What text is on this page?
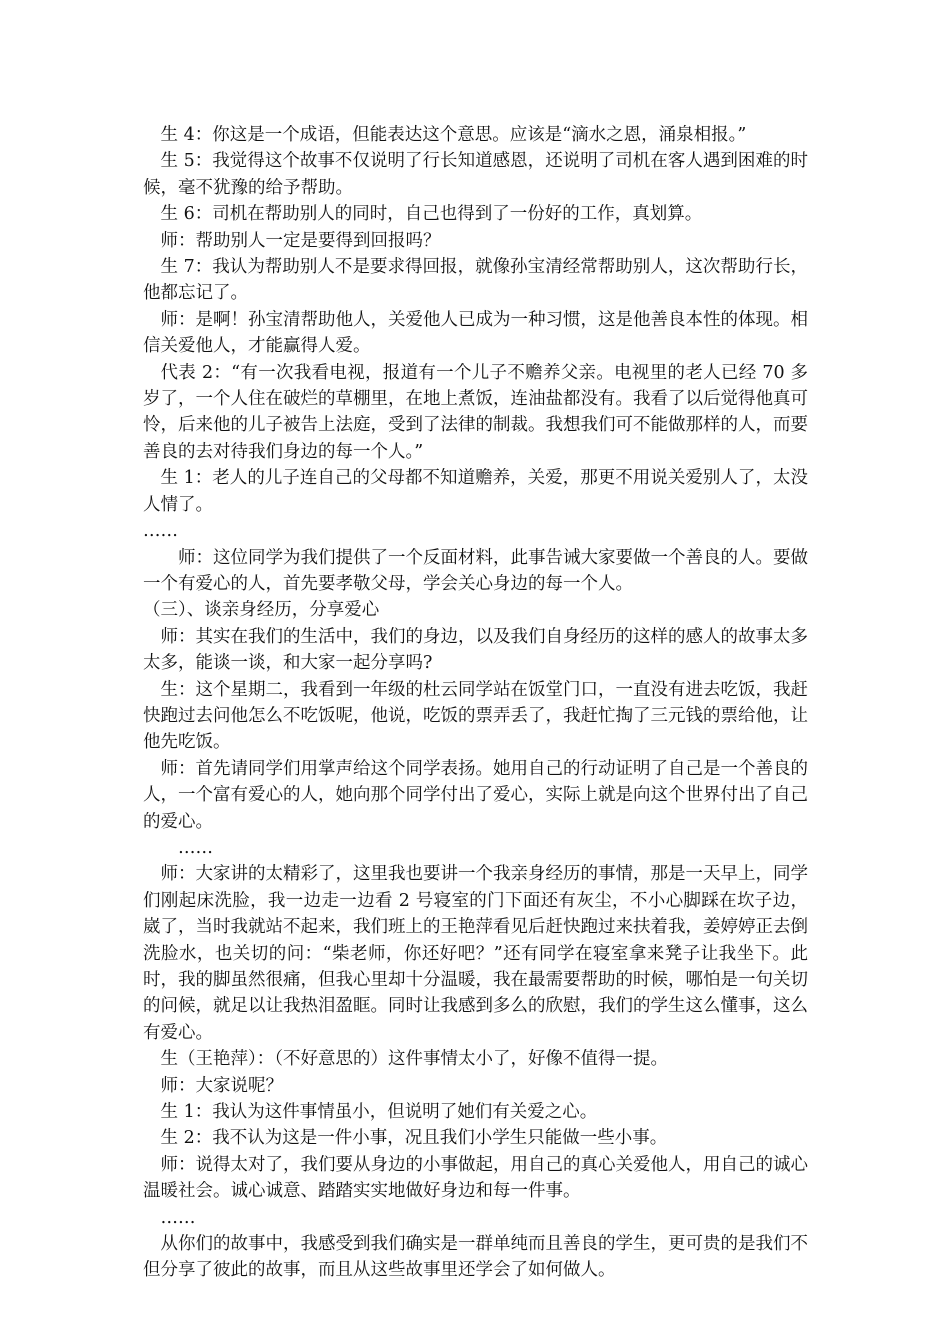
生 4：你这是一个成语，但能表达这个意思。应该是“滴水之恩，涌泉相报。”

生 5：我觉得这个故事不仅说明了行长知道感恩，还说明了司机在客人遇到困难的时候，毫不犹豫的给予帮助。

生 6：司机在帮助别人的同时，自己也得到了一份好的工作，真划算。

师：帮助别人一定是要得到回报吗？

生 7：我认为帮助别人不是要求得回报，就像孙宝清经常帮助别人，这次帮助行长，他都忘记了。

师：是啊！孙宝清帮助他人，关爱他人已成为一种习惯，这是他善良本性的体现。相信关爱他人，才能赢得人爱。

代表 2：“有一次我看电视，报道有一个儿子不赡养父亲。电视里的老人已经 70 多岁了，一个人住在破烂的草棚里，在地上煮饭，连油盐都没有。我看了以后觉得他真可怜，后来他的儿子被告上法庭，受到了法律的制裁。我想我们可不能做那样的人，而要善良的去对待我们身边的每一个人。”

生 1：老人的儿子连自己的父母都不知道赡养，关爱，那更不用说关爱别人了，太没人情了。

……

师：这位同学为我们提供了一个反面材料，此事告诫大家要做一个善良的人。要做一个有爱心的人，首先要孝敬父母，学会关心身边的每一个人。

（三）、谈亲身经历，分享爱心

师：其实在我们的生活中，我们的身边，以及我们自身经历的这样的感人的故事太多太多，能谈一谈，和大家一起分享吗?

生：这个星期二，我看到一年级的杜云同学站在饭堂门口，一直没有进去吃饭，我赶快跑过去问他怎么不吃饭呢，他说，吃饭的票弄丢了，我赶忙掏了三元钱的票给他，让他先吃饭。

师：首先请同学们用掌声给这个同学表扬。她用自己的行动证明了自己是一个善良的人，一个富有爱心的人，她向那个同学付出了爱心，实际上就是向这个世界付出了自己的爱心。

……

师：大家讲的太精彩了，这里我也要讲一个我亲身经历的事情，那是一天早上，同学们刚起床洗脸，我一边走一边看 2 号寝室的门下面还有灰尘，不小心脚踩在坎子边，崴了，当时我就站不起来，我们班上的王艳萍看见后赶快跑过来扶着我，姜婷婷正去倒洗脸水，也关切的问：“柴老师，你还好吧？”还有同学在寝室拿来凳子让我坐下。此时，我的脚虽然很痛，但我心里却十分温暖，我在最需要帮助的时候，哪怕是一句关切的问候，就足以让我热泪盈眶。同时让我感到多么的欣慰，我们的学生这么懂事，这么有爱心。

生（王艳萍）：（不好意思的）这件事情太小了，好像不值得一提。

师：大家说呢？

生 1：我认为这件事情虽小，但说明了她们有关爱之心。

生 2：我不认为这是一件小事，况且我们小学生只能做一些小事。

师：说得太对了，我们要从身边的小事做起，用自己的真心关爱他人，用自己的诚心温暖社会。诚心诚意、踏踏实实地做好身边和每一件事。

……

从你们的故事中，我感受到我们确实是一群单纯而且善良的学生，更可贵的是我们不但分享了彼此的故事，而且从这些故事里还学会了如何做人。
